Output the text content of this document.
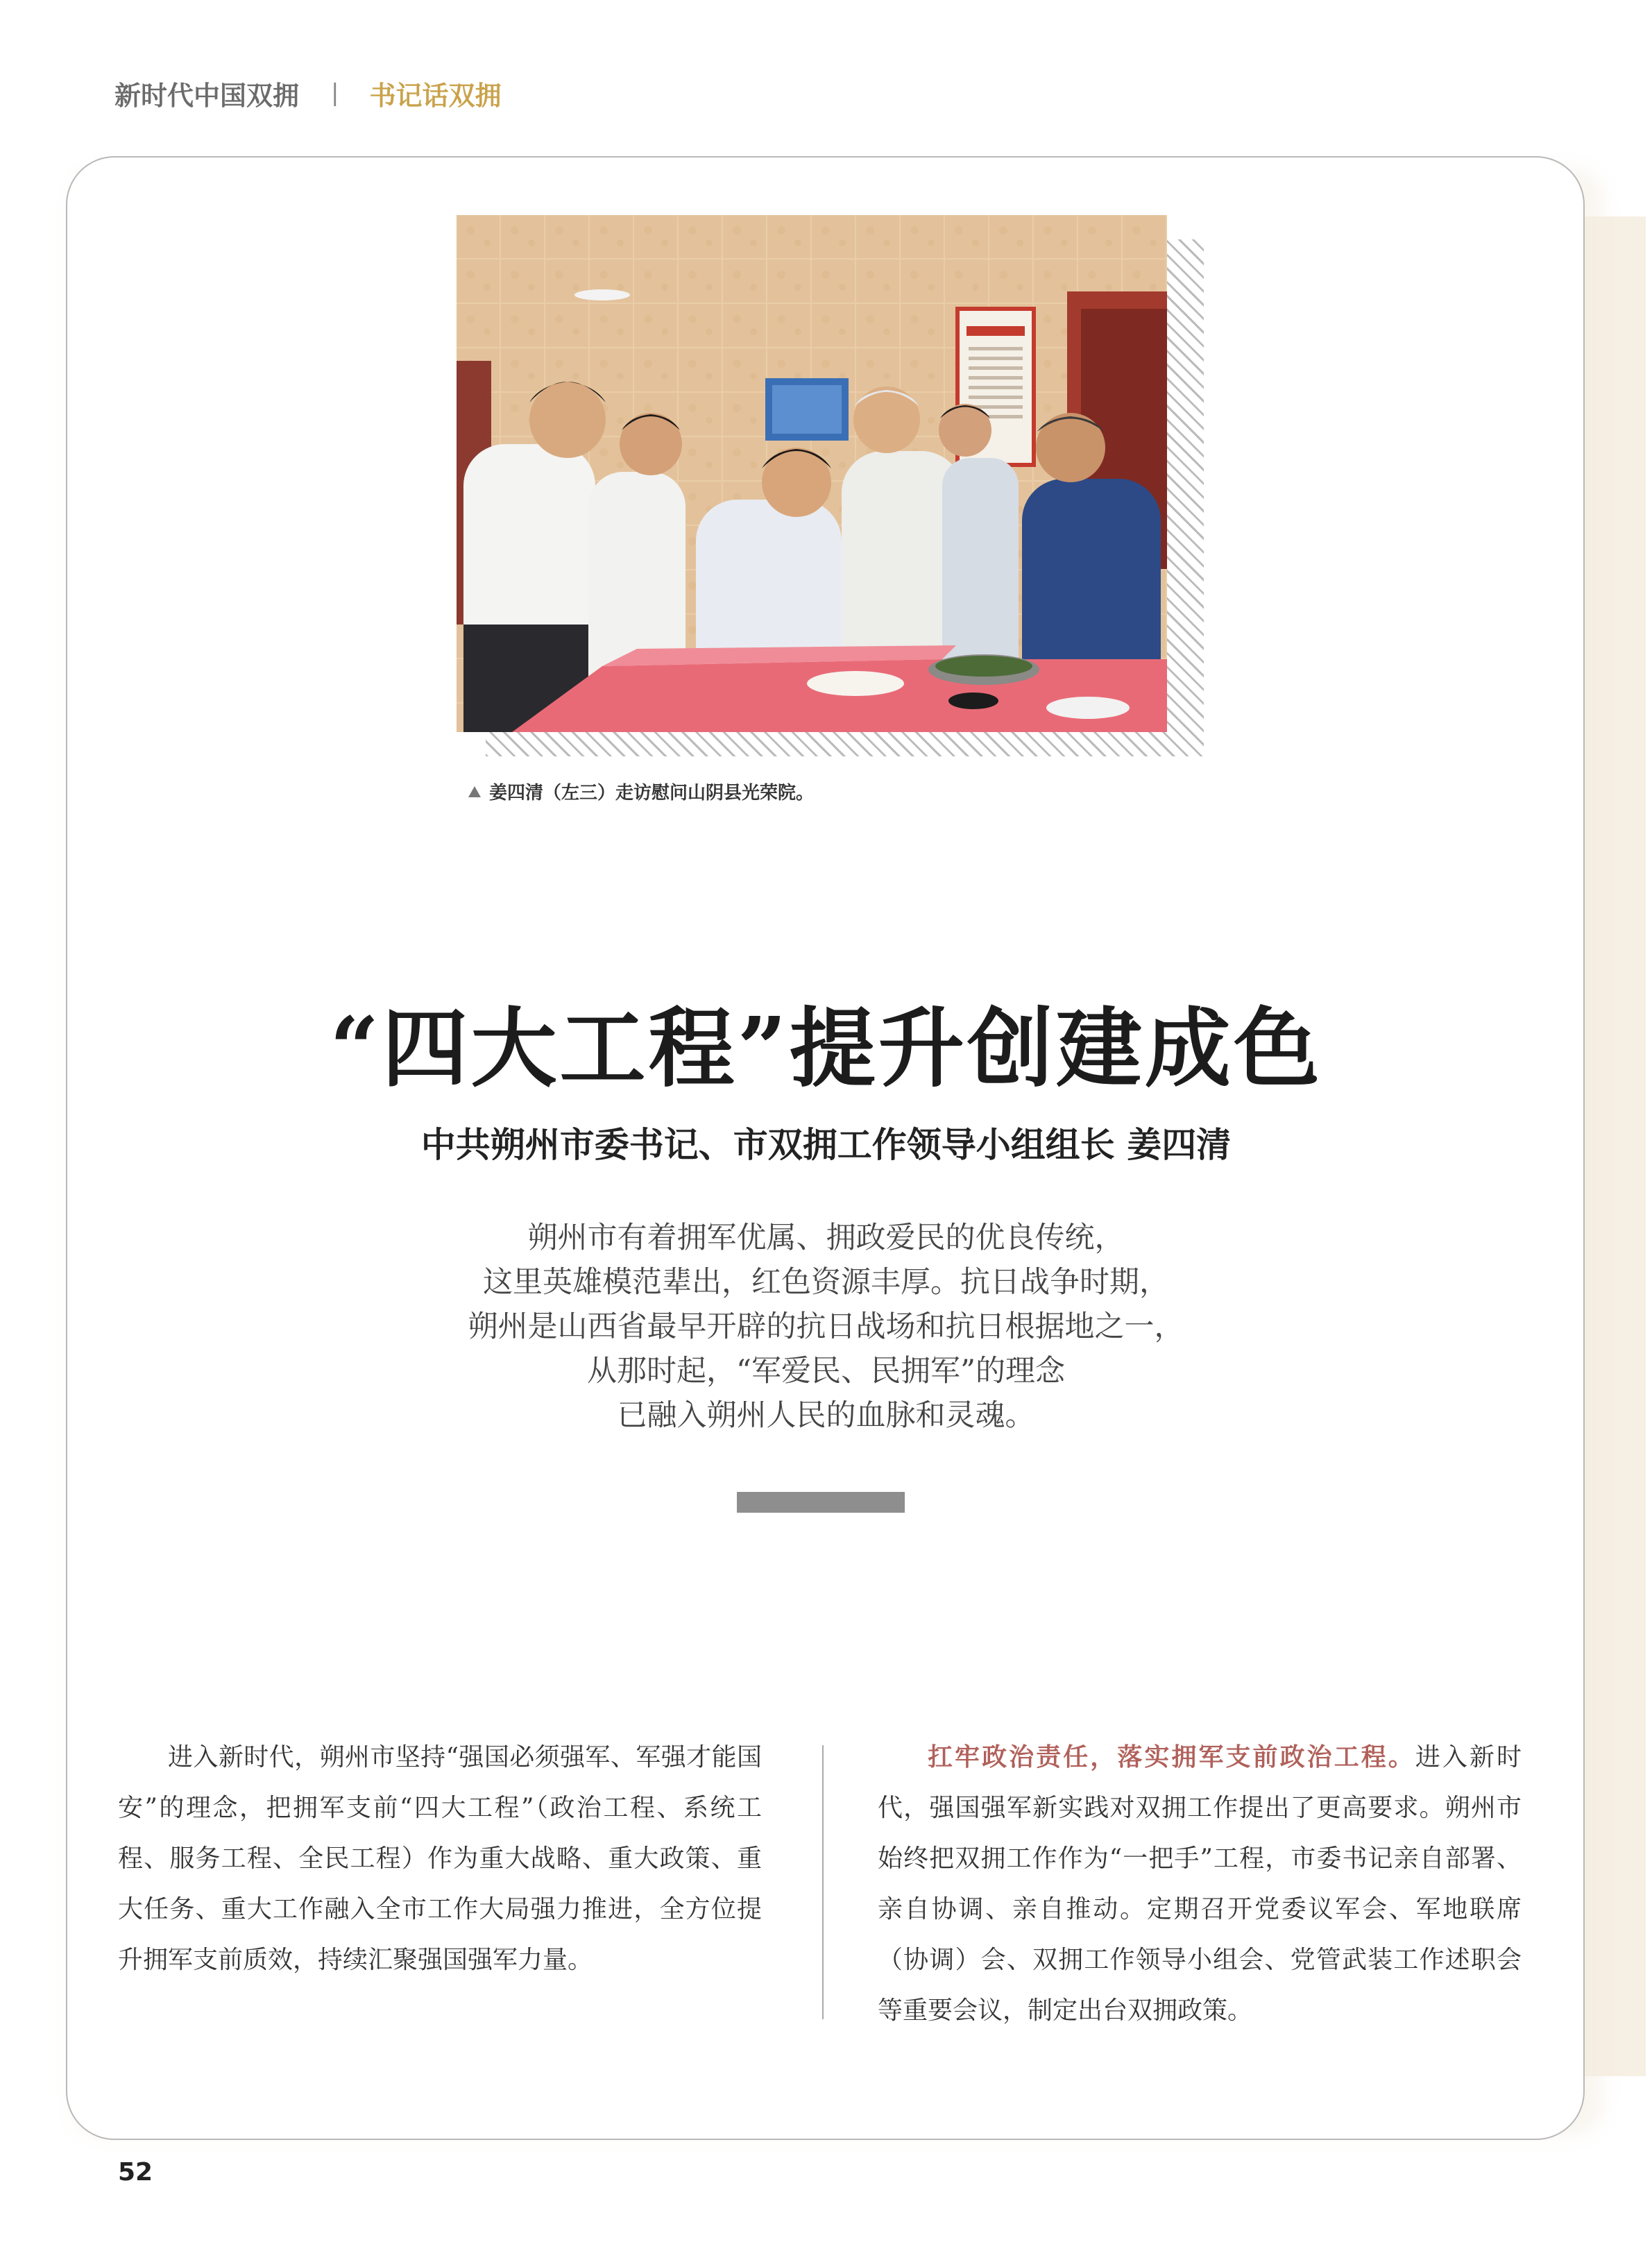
新时代中国双拥 | 书记话双拥
姜四清（左三）走访慰问山阴县光荣院。
“四大工程”提升创建成色
中共朔州市委书记、市双拥工作领导小组组长 姜四清

朔州市有着拥军优属、拥政爱民的优良传统，

这里英雄模范辈出，红色资源丰厚。抗日战争时期，

朔州是山西省最早开辟的抗日战场和抗日根据地之一，

从那时起，“军爱民、民拥军”的理念

已融入朔州人民的血脉和灵魂。

进入新时代，朔州市坚持“强国必须强军、军强才能国安”的理念，把拥军支前“四大工程”（政治工程、系统工程、服务工程、全民工程）作为重大战略、重大政策、重大任务、重大工作融入全市工作大局强力推进，全方位提升拥军支前质效，持续汇聚强国强军力量。
扛牢政治责任，落实拥军支前政治工程。进入新时代，强国强军新实践对双拥工作提出了更高要求。朔州市始终把双拥工作作为“一把手”工程，市委书记亲自部署、亲自协调、亲自推动。定期召开党委议军会、军地联席（协调）会、双拥工作领导小组会、党管武装工作述职会等重要会议，制定出台双拥政策。
52
